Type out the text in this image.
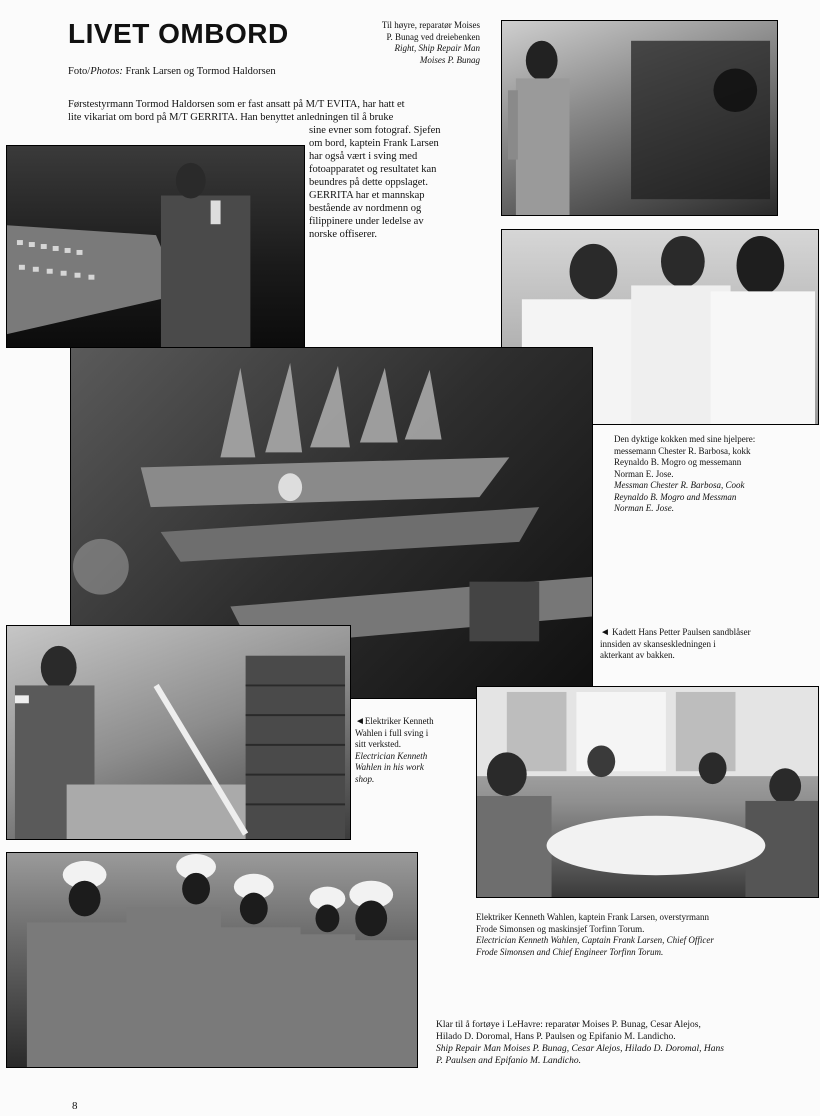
LIVET OMBORD
Foto/Photos: Frank Larsen og Tormod Haldorsen
Til høyre, reparatør Moises
P. Bunag ved dreiebenken
Right, Ship Repair Man
Moises P. Bunag
Førstestyrmann Tormod Haldorsen som er fast ansatt på M/T EVITA, har hatt et
lite vikariat om bord på M/T GERRITA. Han benyttet anledningen til å bruke
sine evner som fotograf. Sjefen
om bord, kaptein Frank Larsen
har også vært i sving med
fotoapparatet og resultatet kan
beundres på dette oppslaget.
GERRITA har et mannskap
bestående av nordmenn og
filippinere under ledelse av
norske offiserer.
Den dyktige kokken med sine hjelpere:
messemann Chester R. Barbosa, kokk
Reynaldo B. Mogro og messemann
Norman E. Jose.
Messman Chester R. Barbosa, Cook
Reynaldo B. Mogro and Messman
Norman E. Jose.
◄ Kadett Hans Petter Paulsen sandblåser
innsiden av skanseskledningen i
akterkant av bakken.
◄Elektriker Kenneth
Wahlen i full sving i
sitt verksted.
Electrician Kenneth
Wahlen in his work
shop.
Elektriker Kenneth Wahlen, kaptein Frank Larsen, overstyrmann
Frode Simonsen og maskinsjef Torfinn Torum.
Electrician Kenneth Wahlen, Captain Frank Larsen, Chief Officer
Frode Simonsen and Chief Engineer Torfinn Torum.
Klar til å fortøye i LeHavre: reparatør Moises P. Bunag, Cesar Alejos,
Hilado D. Doromal, Hans P. Paulsen og Epifanio M. Landicho.
Ship Repair Man Moises P. Bunag, Cesar Alejos, Hilado D. Doromal, Hans
P. Paulsen and Epifanio M. Landicho.
8
